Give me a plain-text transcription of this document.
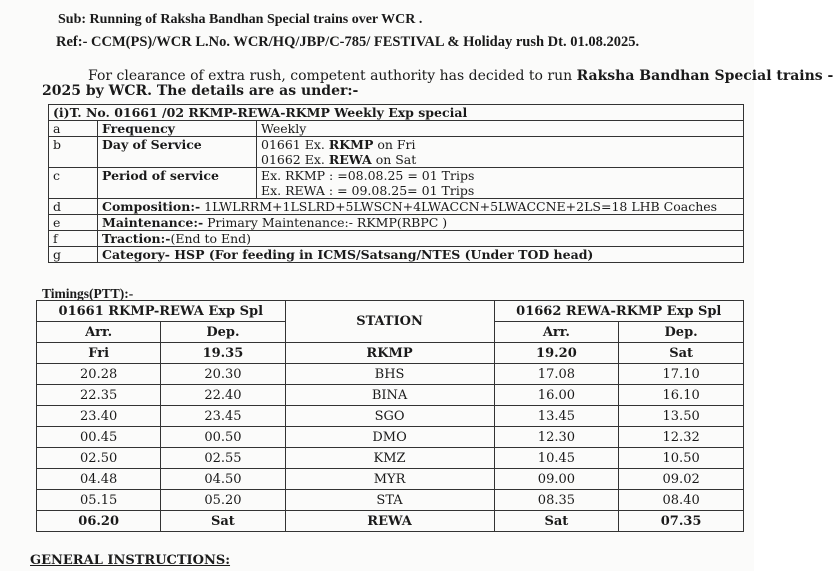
Sub: Running of Raksha Bandhan Special trains over WCR .
Ref:- CCM(PS)/WCR L.No. WCR/HQ/JBP/C-785/ FESTIVAL & Holiday rush Dt. 01.08.2025.
For clearance of extra rush, competent authority has decided to run Raksha Bandhan Special trains -
2025 by WCR. The details are as under:-
(i)T. No. 01661 /02 RKMP-REWA-RKMP Weekly Exp special		
a	Frequency	Weekly
b	Day of Service	01661 Ex. RKMP on Fri
01662 Ex. REWA on Sat
c	Period of service	Ex. RKMP : =08.08.25 = 01 Trips
Ex. REWA : = 09.08.25= 01 Trips
d	Composition:- 1LWLRRM+1LSLRD+5LWSCN+4LWACCN+5LWACCNE+2LS=18 LHB Coaches	
e	Maintenance:- Primary Maintenance:- RKMP(RBPC )	
f	Traction:-(End to End)	
g	Category- HSP (For feeding in ICMS/Satsang/NTES (Under TOD head)	
Timings(PTT):-
01661 RKMP-REWA Exp Spl		STATION	01662 REWA-RKMP Exp Spl	
Arr.	Dep.		Arr.	Dep.
Fri	19.35	RKMP	19.20	Sat
20.28	20.30	BHS	17.08	17.10
22.35	22.40	BINA	16.00	16.10
23.40	23.45	SGO	13.45	13.50
00.45	00.50	DMO	12.30	12.32
02.50	02.55	KMZ	10.45	10.50
04.48	04.50	MYR	09.00	09.02
05.15	05.20	STA	08.35	08.40
06.20	Sat	REWA	Sat	07.35
GENERAL INSTRUCTIONS:
